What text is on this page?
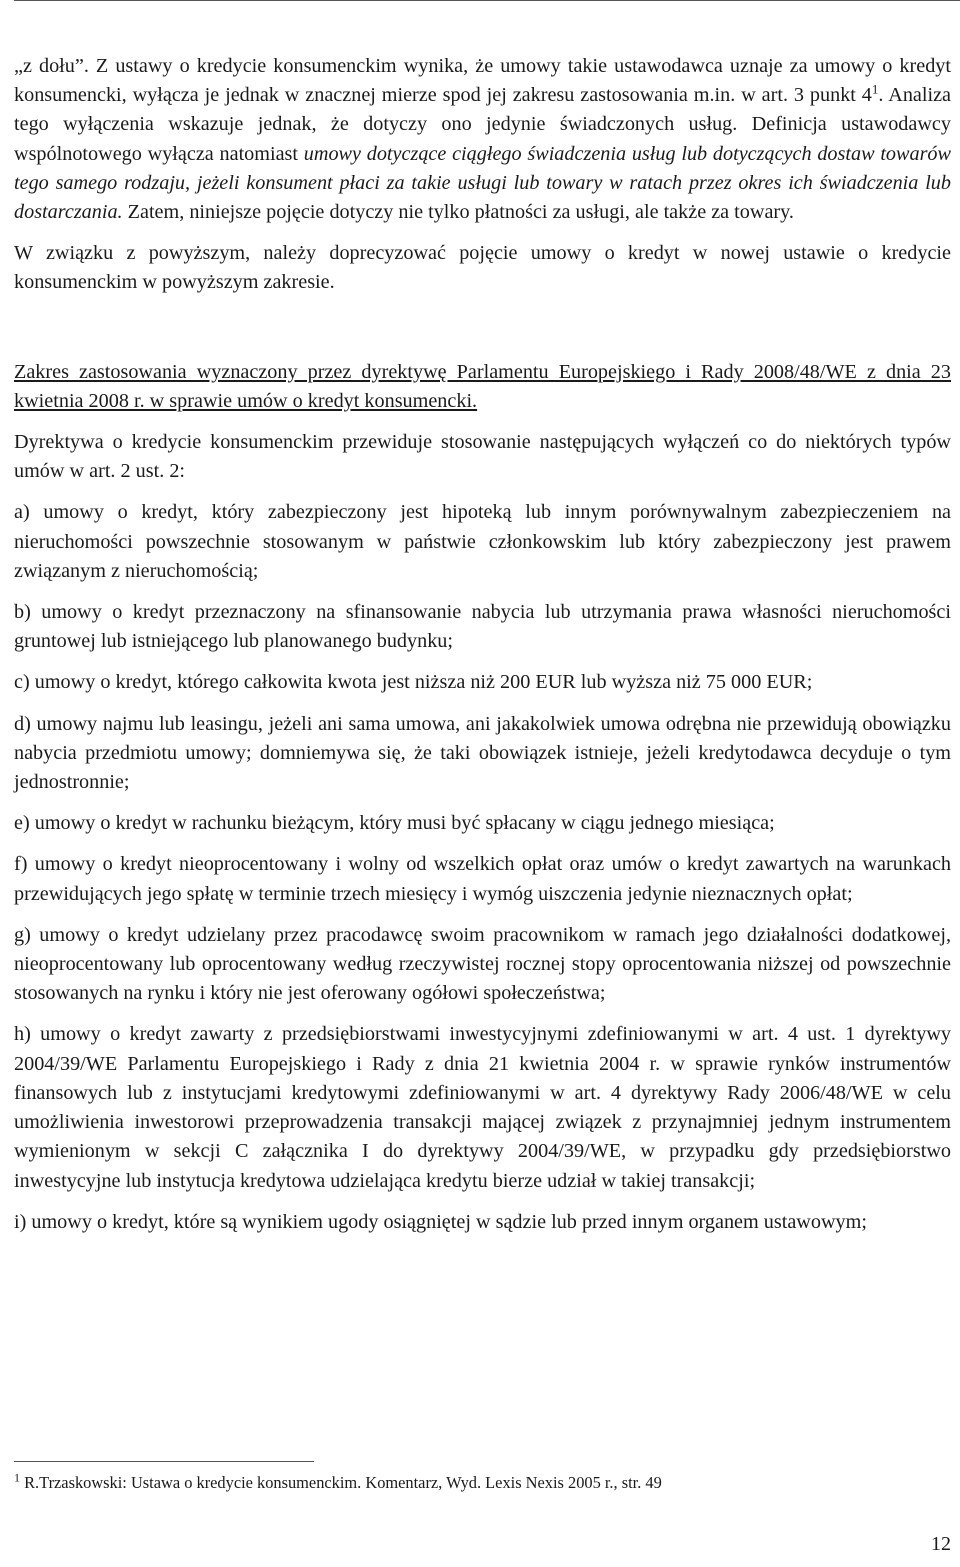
„z dołu”. Z ustawy o kredycie konsumenckim wynika, że umowy takie ustawodawca uznaje za umowy o kredyt konsumencki, wyłącza je jednak w znacznej mierze spod jej zakresu zastosowania m.in. w art. 3 punkt $4^1$. Analiza tego wyłączenia wskazuje jednak, że dotyczy ono jedynie świadczonych usług. Definicja ustawodawcy wspólnotowego wyłącza natomiast umowy dotyczące ciągłego świadczenia usług lub dotyczących dostaw towarów tego samego rodzaju, jeżeli konsument płaci za takie usługi lub towary w ratach przez okres ich świadczenia lub dostarczania. Zatem, niniejsze pojęcie dotyczy nie tylko płatności za usługi, ale także za towary.

W związku z powyższym, należy doprecyzować pojęcie umowy o kredyt w nowej ustawie o kredycie konsumenckim w powyższym zakresie.

Zakres zastosowania wyznaczony przez dyrektywę Parlamentu Europejskiego i Rady 2008/48/WE z dnia 23 kwietnia 2008 r. w sprawie umów o kredyt konsumencki.

Dyrektywa o kredycie konsumenckim przewiduje stosowanie następujących wyłączeń co do niektórych typów umów w art. 2 ust. 2:

a) umowy o kredyt, który zabezpieczony jest hipoteką lub innym porównywalnym zabezpieczeniem na nieruchomości powszechnie stosowanym w państwie członkowskim lub który zabezpieczony jest prawem związanym z nieruchomością;

b) umowy o kredyt przeznaczony na sfinansowanie nabycia lub utrzymania prawa własności nieruchomości gruntowej lub istniejącego lub planowanego budynku;

c) umowy o kredyt, którego całkowita kwota jest niższa niż 200 EUR lub wyższa niż 75 000 EUR;

d) umowy najmu lub leasingu, jeżeli ani sama umowa, ani jakakolwiek umowa odrębna nie przewidują obowiązku nabycia przedmiotu umowy; domniemywa się, że taki obowiązek istnieje, jeżeli kredytodawca decyduje o tym jednostronnie;

e) umowy o kredyt w rachunku bieżącym, który musi być spłacany w ciągu jednego miesiąca;

f) umowy o kredyt nieoprocentowany i wolny od wszelkich opłat oraz umów o kredyt zawartych na warunkach przewidujących jego spłatę w terminie trzech miesięcy i wymóg uiszczenia jedynie nieznacznych opłat;

g) umowy o kredyt udzielany przez pracodawcę swoim pracownikom w ramach jego działalności dodatkowej, nieoprocentowany lub oprocentowany według rzeczywistej rocznej stopy oprocentowania niższej od powszechnie stosowanych na rynku i który nie jest oferowany ogółowi społeczeństwa;

h) umowy o kredyt zawarty z przedsiębiorstwami inwestycyjnymi zdefiniowanymi w art. 4 ust. 1 dyrektywy 2004/39/WE Parlamentu Europejskiego i Rady z dnia 21 kwietnia 2004 r. w sprawie rynków instrumentów finansowych lub z instytucjami kredytowymi zdefiniowanymi w art. 4 dyrektywy Rady 2006/48/WE w celu umożliwienia inwestorowi przeprowadzenia transakcji mającej związek z przynajmniej jednym instrumentem wymienionym w sekcji C załącznika I do dyrektywy 2004/39/WE, w przypadku gdy przedsiębiorstwo inwestycyjne lub instytucja kredytowa udzielająca kredytu bierze udział w takiej transakcji;

i) umowy o kredyt, które są wynikiem ugody osiągniętej w sądzie lub przed innym organem ustawowym;

$^1$ R.Trzaskowski: Ustawa o kredycie konsumenckim. Komentarz, Wyd. Lexis Nexis 2005 r., str. 49
12
